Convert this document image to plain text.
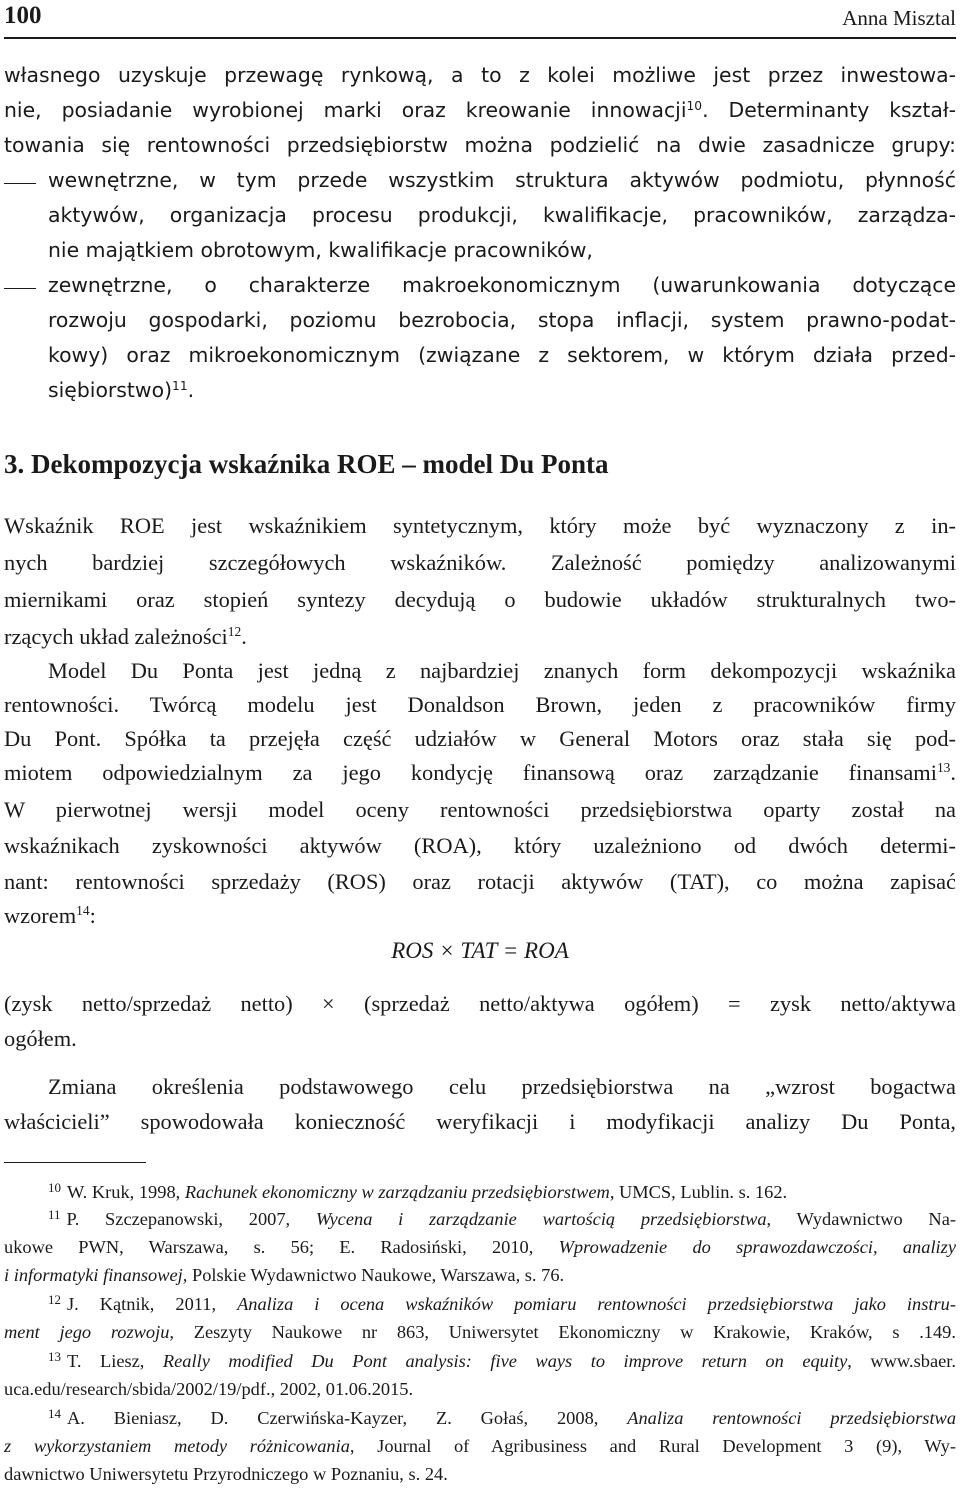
100	Anna Misztal
własnego uzyskuje przewagę rynkową, a to z kolei możliwe jest przez inwestowa-
nie, posiadanie wyrobionej marki oraz kreowanie innowacji$^{10}$. Determinanty kształ-
towania się rentowności przedsiębiorstw można podzielić na dwie zasadnicze grupy:
wewnętrzne, w tym przede wszystkim struktura aktywów podmiotu, płynność
aktywów, organizacja procesu produkcji, kwalifikacje, pracowników, zarządza-
nie majątkiem obrotowym, kwalifikacje pracowników,
zewnętrzne, o charakterze makroekonomicznym (uwarunkowania dotyczące
rozwoju gospodarki, poziomu bezrobocia, stopa inflacji, system prawno-podat-
kowy) oraz mikroekonomicznym (związane z sektorem, w którym działa przed-
siębiorstwo)$^{11}$.
3. Dekompozycja wskaźnika ROE – model Du Ponta
Wskaźnik ROE jest wskaźnikiem syntetycznym, który może być wyznaczony z in-
nych bardziej szczegółowych wskaźników. Zależność pomiędzy analizowanymi
miernikami oraz stopień syntezy decydują o budowie układów strukturalnych two-
rzących układ zależności$^{12}$.
Model Du Ponta jest jedną z najbardziej znanych form dekompozycji wskaźnika
rentowności. Twórcą modelu jest Donaldson Brown, jeden z pracowników firmy
Du Pont. Spółka ta przejęła część udziałów w General Motors oraz stała się pod-
miotem odpowiedzialnym za jego kondycję finansową oraz zarządzanie finansami$^{13}$.
W pierwotnej wersji model oceny rentowności przedsiębiorstwa oparty został na
wskaźnikach zyskowności aktywów (ROA), który uzależniono od dwóch determi-
nant: rentowności sprzedaży (ROS) oraz rotacji aktywów (TAT), co można zapisać
wzorem$^{14}$:
(zysk netto/sprzedaż netto) × (sprzedaż netto/aktywa ogółem) = zysk netto/aktywa
ogółem.
Zmiana określenia podstawowego celu przedsiębiorstwa na „wzrost bogactwa
właścicieli” spowodowała konieczność weryfikacji i modyfikacji analizy Du Ponta,
ROS × TAT = ROA
$^{10}$ W. Kruk, 1998, Rachunek ekonomiczny w zarządzaniu przedsiębiorstwem, UMCS, Lublin. s. 162.
$^{11}$ P. Szczepanowski, 2007, Wycena i zarządzanie wartością przedsiębiorstwa, Wydawnictwo Na-
ukowe PWN, Warszawa, s. 56; E. Radosiński, 2010, Wprowadzenie do sprawozdawczości, analizy
i informatyki finansowej, Polskie Wydawnictwo Naukowe, Warszawa, s. 76.
$^{12}$ J. Kątnik, 2011, Analiza i ocena wskaźników pomiaru rentowności przedsiębiorstwa jako instru-
ment jego rozwoju, Zeszyty Naukowe nr 863, Uniwersytet Ekonomiczny w Krakowie, Kraków, s .149.
$^{13}$ T. Liesz, Really modified Du Pont analysis: five ways to improve return on equity, www.sbaer.
uca.edu/research/sbida/2002/19/pdf., 2002, 01.06.2015.
$^{14}$ A. Bieniasz, D. Czerwińska-Kayzer, Z. Gołaś, 2008, Analiza rentowności przedsiębiorstwa
z wykorzystaniem metody różnicowania, Journal of Agribusiness and Rural Development 3 (9), Wy-
dawnictwo Uniwersytetu Przyrodniczego w Poznaniu, s. 24.
